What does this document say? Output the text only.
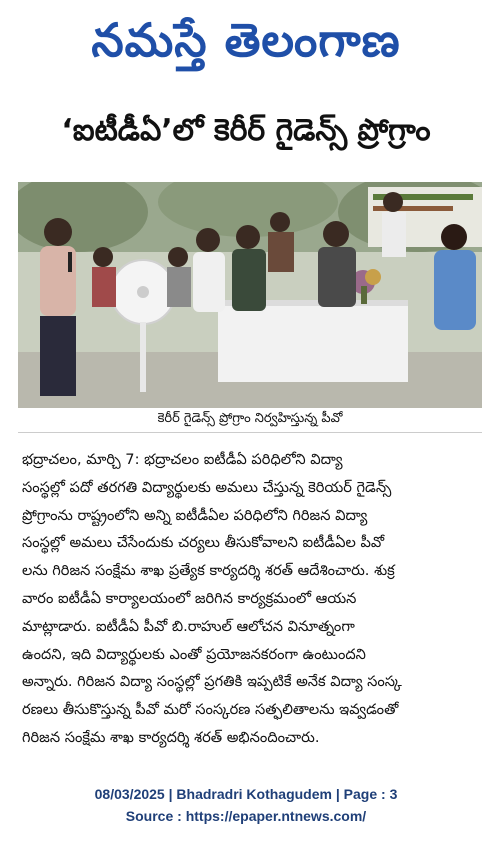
నమస్తే తెలంగాణ
‘ఐటీడీఏ’లో కెరీర్ గైడెన్స్ ప్రోగ్రాం
కెరీర్ గైడెన్స్ ప్రోగ్రాం నిర్వహిస్తున్న పీవో
భద్రాచలం, మార్చి 7: భద్రాచలం ఐటీడీఏ పరిధిలోని విద్యా
సంస్థల్లో పదో తరగతి విద్యార్థులకు అమలు చేస్తున్న కెరియర్ గైడెన్స్
ప్రోగ్రాంను రాష్ట్రంలోని అన్ని ఐటీడీఏల పరిధిలోని గిరిజన విద్యా
సంస్థల్లో అమలు చేసేందుకు చర్యలు తీసుకోవాలని ఐటీడీఏల పీవో
లను గిరిజన సంక్షేమ శాఖ ప్రత్యేక కార్యదర్శి శరత్ ఆదేశించారు. శుక్ర
వారం ఐటీడీఏ కార్యాలయంలో జరిగిన కార్యక్రమంలో ఆయన
మాట్లాడారు. ఐటీడీఏ పీవో బి.రాహుల్ ఆలోచన వినూత్నంగా
ఉందని, ఇది విద్యార్థులకు ఎంతో ప్రయోజనకరంగా ఉంటుందని
అన్నారు. గిరిజన విద్యా సంస్థల్లో ప్రగతికి ఇప్పటికే అనేక విద్యా సంస్క
రణలు తీసుకొస్తున్న పీవో మరో సంస్కరణ సత్ఫలితాలను ఇవ్వడంతో
గిరిజన సంక్షేమ శాఖ కార్యదర్శి శరత్ అభినందించారు.
08/03/2025 | Bhadradri Kothagudem | Page : 3
Source : https://epaper.ntnews.com/
